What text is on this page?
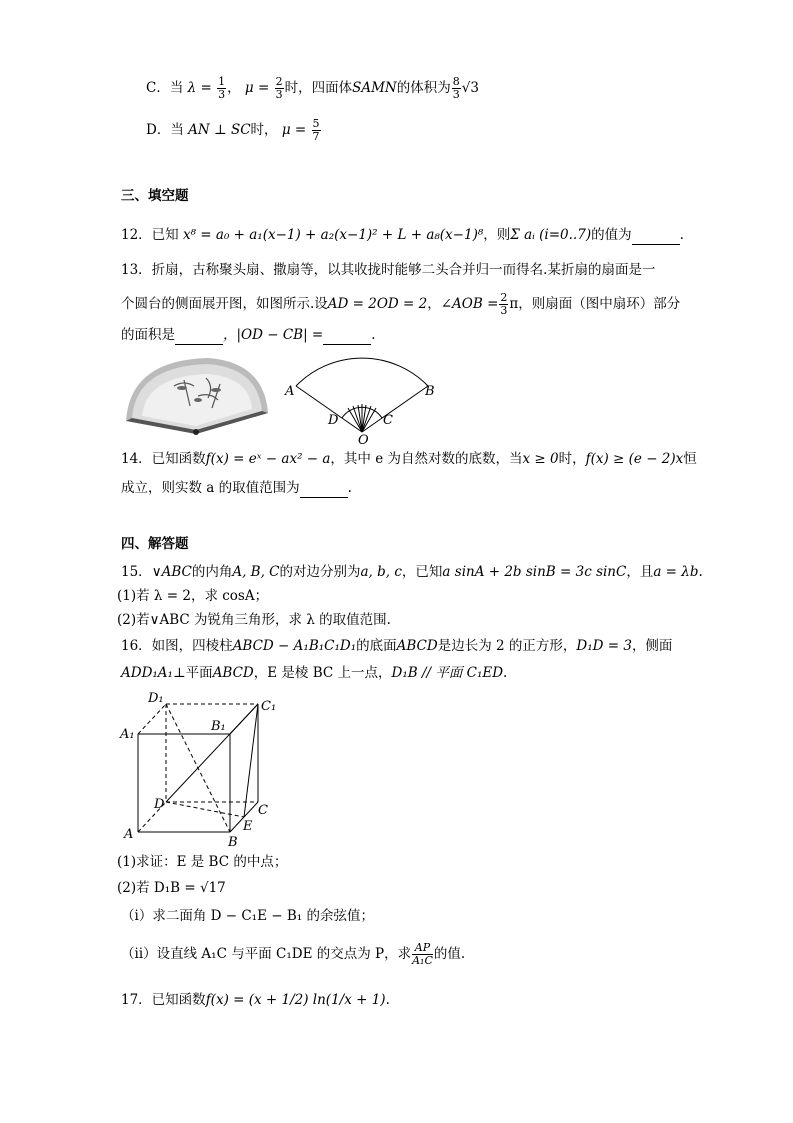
C．当 $\lambda = \frac{1}{3}$ ， $\mu = \frac{2}{3}$ 时，四面体SAMN的体积为 $\frac{8}{3} √3$
D．当 AN ⊥ SC时， $\mu = \frac{5}{7}$
三、填空题
12．已知 x⁸ = a₀ + a₁(x−1) + a₂(x−1)² + L + a₈(x−1)⁸，则Σ aᵢ (i=0..7)的值为	.
13．折扇，古称聚头扇、撒扇等，以其收拢时能够二头合并归一而得名.某折扇的扇面是一
个圆台的侧面展开图，如图所示.设AD = 2OD = 2，∠AOB = $\frac{2}{3}$ π，则扇面（图中扇环）部分
的面积是	，|OD − CB| =	.
A	B
D	C
O
14．已知函数f(x) = eˣ − ax² − a，其中 e 为自然对数的底数，当x ≥ 0时，f(x) ≥ (e − 2)x恒
成立，则实数 a 的取值范围为	.
四、解答题
15．∨ABC的内角A, B, C的对边分别为a, b, c，已知a sinA + 2b sinB = 3c sinC，且a = λb.
(1)若 λ = 2，求 cosA；
(2)若∨ABC 为锐角三角形，求 λ 的取值范围.
16．如图，四棱柱ABCD − A₁B₁C₁D₁的底面ABCD是边长为 2 的正方形，D₁D = 3，侧面
ADD₁A₁⊥平面ABCD，E 是棱 BC 上一点，D₁B // 平面 C₁ED.
D₁
C₁
A₁
B₁
D	C
A
B
E
(1)求证：E 是 BC 的中点；
(2)若 D₁B = √17
（ⅰ）求二面角 D − C₁E − B₁ 的余弦值；
（ⅱ）设直线 A₁C 与平面 C₁DE 的交点为 P，求 $\frac{AP}{\text{A₁C}}$ 的值.
17．已知函数f(x) = (x + 1/2) ln(1/x + 1).
